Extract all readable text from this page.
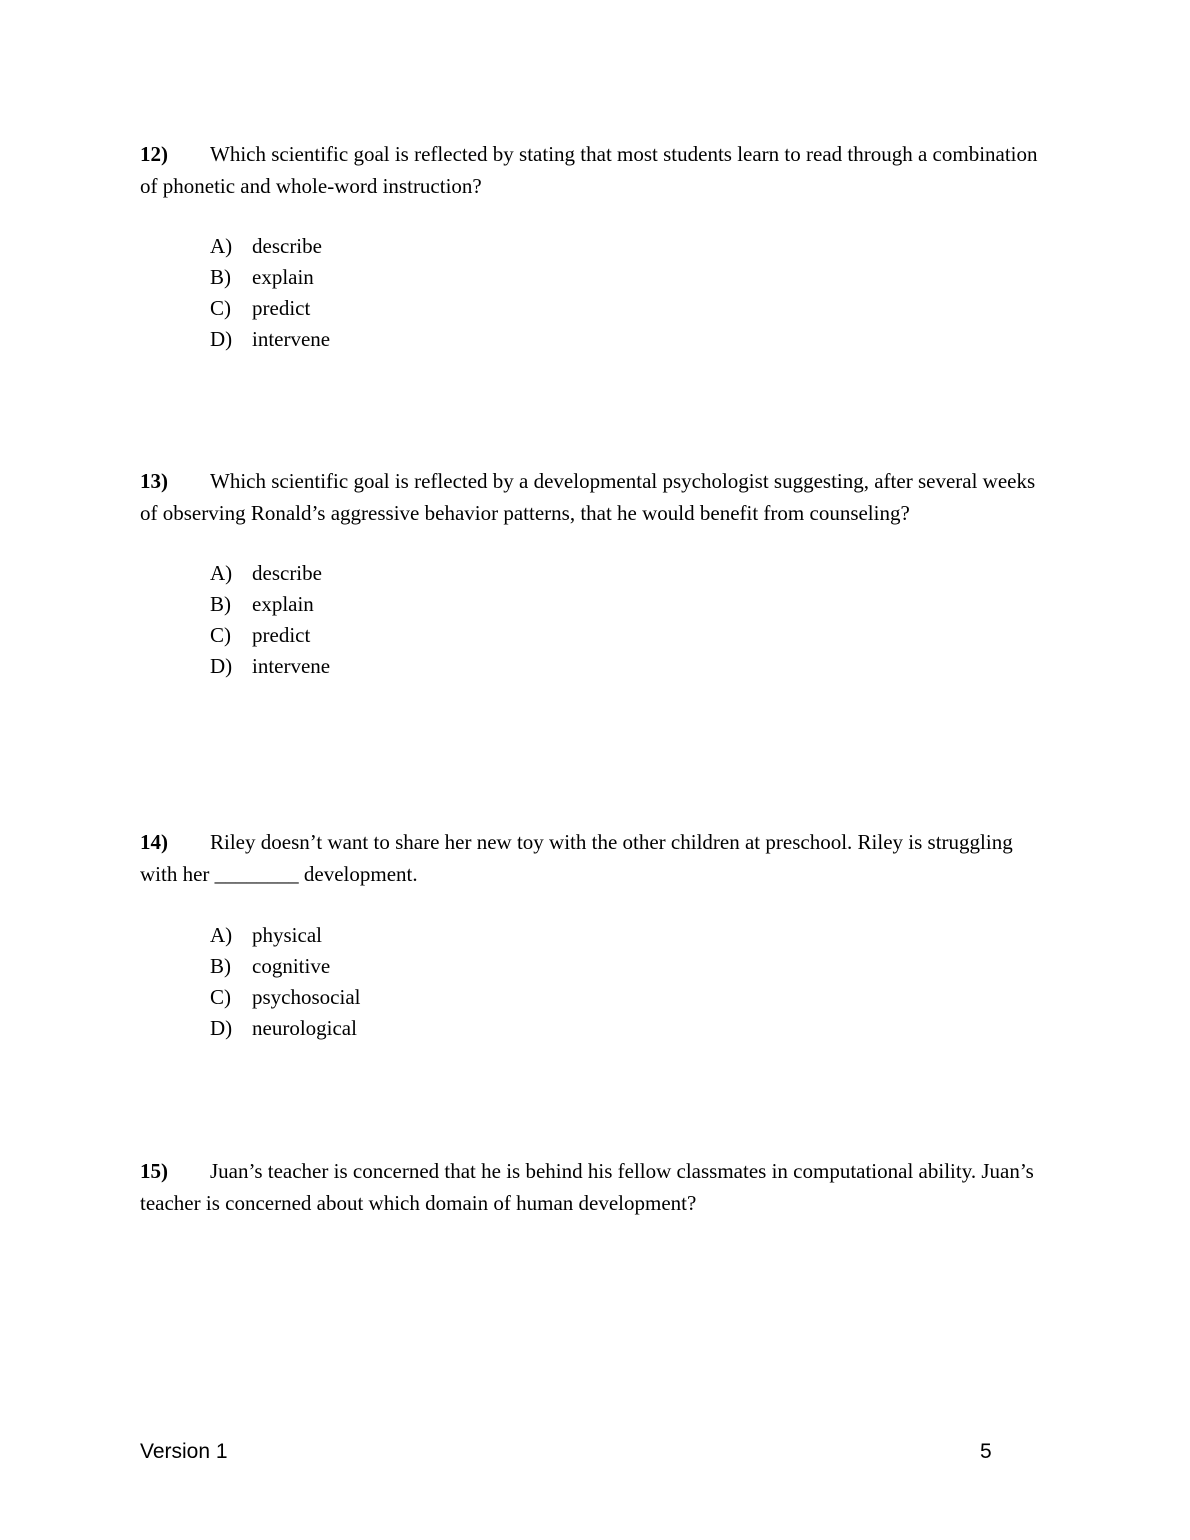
12) Which scientific goal is reflected by stating that most students learn to read through a combination of phonetic and whole-word instruction?

A) describe
B) explain
C) predict
D) intervene

13) Which scientific goal is reflected by a developmental psychologist suggesting, after several weeks of observing Ronald’s aggressive behavior patterns, that he would benefit from counseling?

A) describe
B) explain
C) predict
D) intervene

14) Riley doesn’t want to share her new toy with the other children at preschool. Riley is struggling with her ________ development.

A) physical
B) cognitive
C) psychosocial
D) neurological

15) Juan’s teacher is concerned that he is behind his fellow classmates in computational ability. Juan’s teacher is concerned about which domain of human development?

Version 1	5
